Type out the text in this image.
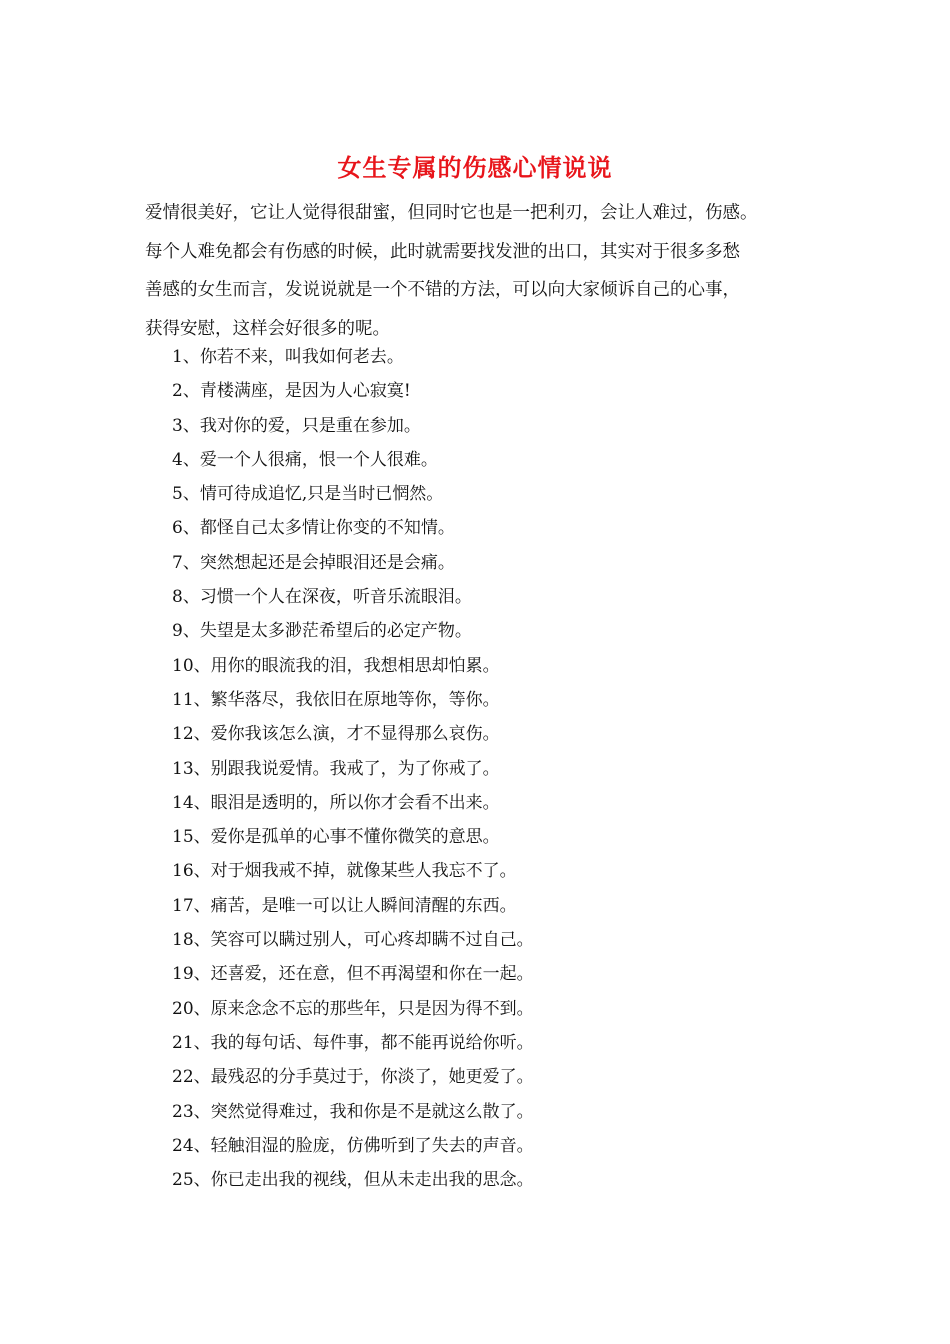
女生专属的伤感心情说说
爱情很美好，它让人觉得很甜蜜，但同时它也是一把利刃，会让人难过，伤感。
每个人难免都会有伤感的时候，此时就需要找发泄的出口，其实对于很多多愁
善感的女生而言，发说说就是一个不错的方法，可以向大家倾诉自己的心事，
获得安慰，这样会好很多的呢。
1、你若不来，叫我如何老去。
2、青楼满座，是因为人心寂寞!
3、我对你的爱，只是重在参加。
4、爱一个人很痛，恨一个人很难。
5、情可待成追忆,只是当时已惘然。
6、都怪自己太多情让你变的不知情。
7、突然想起还是会掉眼泪还是会痛。
8、习惯一个人在深夜，听音乐流眼泪。
9、失望是太多渺茫希望后的必定产物。
10、用你的眼流我的泪，我想相思却怕累。
11、繁华落尽，我依旧在原地等你，等你。
12、爱你我该怎么演，才不显得那么哀伤。
13、别跟我说爱情。我戒了，为了你戒了。
14、眼泪是透明的，所以你才会看不出来。
15、爱你是孤单的心事不懂你微笑的意思。
16、对于烟我戒不掉，就像某些人我忘不了。
17、痛苦，是唯一可以让人瞬间清醒的东西。
18、笑容可以瞒过别人，可心疼却瞒不过自己。
19、还喜爱，还在意，但不再渴望和你在一起。
20、原来念念不忘的那些年，只是因为得不到。
21、我的每句话、每件事，都不能再说给你听。
22、最残忍的分手莫过于，你淡了，她更爱了。
23、突然觉得难过，我和你是不是就这么散了。
24、轻触泪湿的脸庞，仿佛听到了失去的声音。
25、你已走出我的视线，但从未走出我的思念。
